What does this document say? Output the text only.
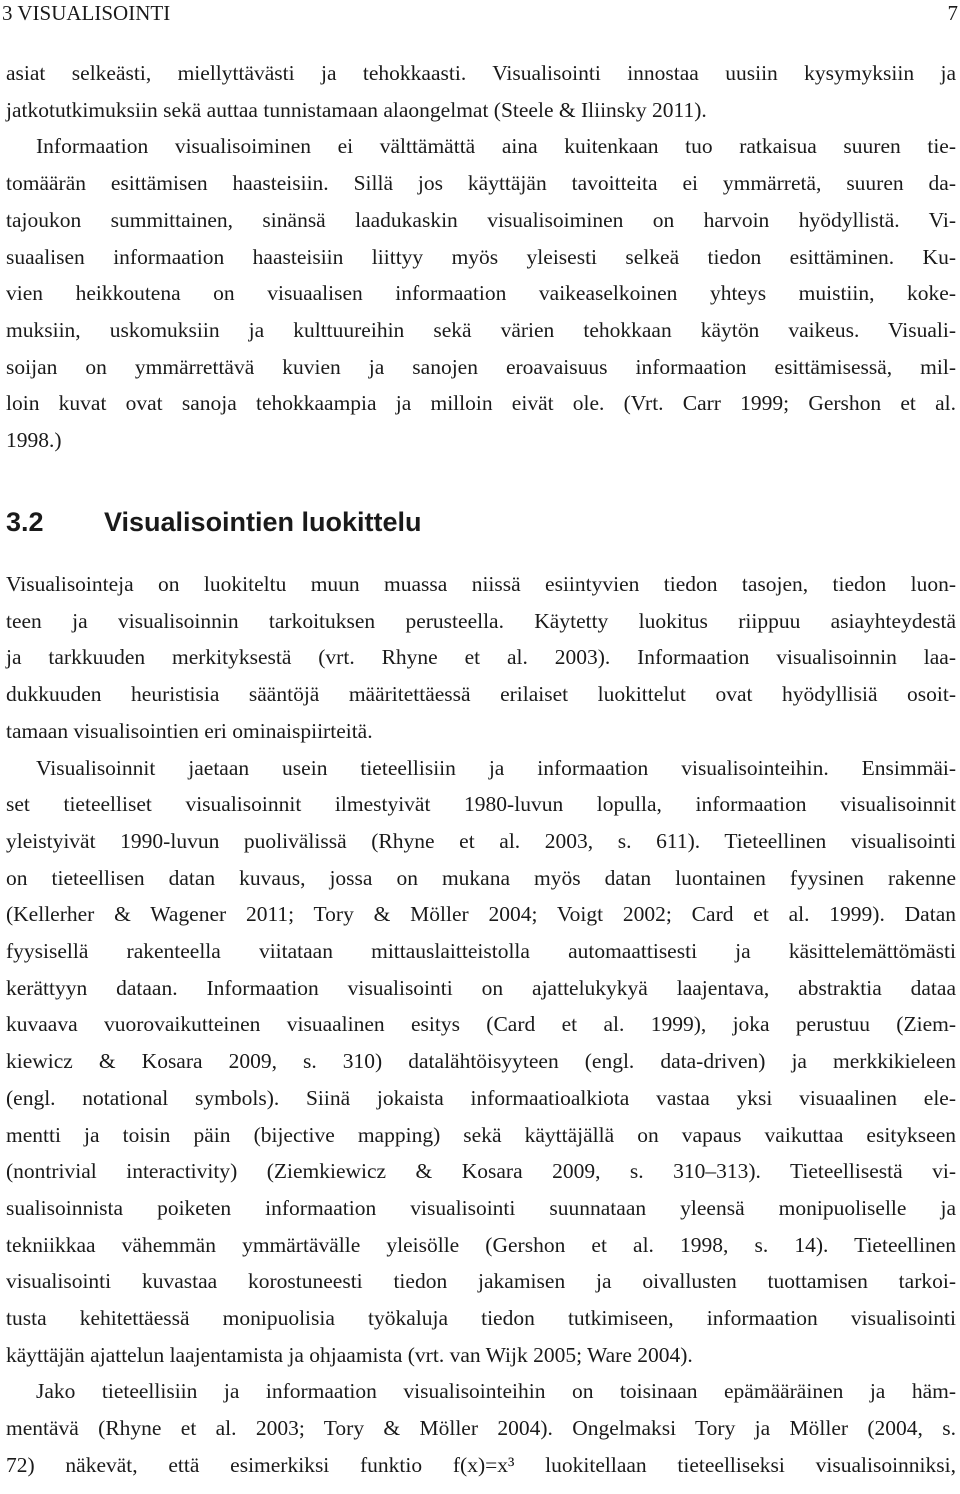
3 VISUALISOINTI	7

asiat selkeästi, miellyttävästi ja tehokkaasti. Visualisointi innostaa uusiin kysymyksiin ja
jatkotutkimuksiin sekä auttaa tunnistamaan alaongelmat (Steele & Iliinsky 2011).
Informaation visualisoiminen ei välttämättä aina kuitenkaan tuo ratkaisua suuren tie-
tomäärän esittämisen haasteisiin. Sillä jos käyttäjän tavoitteita ei ymmärretä, suuren da-
tajoukon summittainen, sinänsä laadukaskin visualisoiminen on harvoin hyödyllistä. Vi-
suaalisen informaation haasteisiin liittyy myös yleisesti selkeä tiedon esittäminen. Ku-
vien heikkoutena on visuaalisen informaation vaikeaselkoinen yhteys muistiin, koke-
muksiin, uskomuksiin ja kulttuureihin sekä värien tehokkaan käytön vaikeus. Visuali-
soijan on ymmärrettävä kuvien ja sanojen eroavaisuus informaation esittämisessä, mil-
loin kuvat ovat sanoja tehokkaampia ja milloin eivät ole. (Vrt. Carr 1999; Gershon et al.
1998.)

3.2 Visualisointien luokittelu

Visualisointeja on luokiteltu muun muassa niissä esiintyvien tiedon tasojen, tiedon luon-
teen ja visualisoinnin tarkoituksen perusteella. Käytetty luokitus riippuu asiayhteydestä
ja tarkkuuden merkityksestä (vrt. Rhyne et al. 2003). Informaation visualisoinnin laa-
dukkuuden heuristisia sääntöjä määritettäessä erilaiset luokittelut ovat hyödyllisiä osoit-
tamaan visualisointien eri ominaispiirteitä.

Visualisoinnit jaetaan usein tieteellisiin ja informaation visualisointeihin. Ensimmäi-
set tieteelliset visualisoinnit ilmestyivät 1980-luvun lopulla, informaation visualisoinnit
yleistyivät 1990-luvun puolivälissä (Rhyne et al. 2003, s. 611). Tieteellinen visualisointi
on tieteellisen datan kuvaus, jossa on mukana myös datan luontainen fyysinen rakenne
(Kellerher & Wagener 2011; Tory & Möller 2004; Voigt 2002; Card et al. 1999). Datan
fyysisellä rakenteella viitataan mittauslaitteistolla automaattisesti ja käsittelemättömästi
kerättyyn dataan. Informaation visualisointi on ajattelukykyä laajentava, abstraktia dataa
kuvaava vuorovaikutteinen visuaalinen esitys (Card et al. 1999), joka perustuu (Ziem-
kiewicz & Kosara 2009, s. 310) datalähtöisyyteen (engl. data-driven) ja merkkikieleen
(engl. notational symbols). Siinä jokaista informaatioalkiota vastaa yksi visuaalinen ele-
mentti ja toisin päin (bijective mapping) sekä käyttäjällä on vapaus vaikuttaa esitykseen
(nontrivial interactivity) (Ziemkiewicz & Kosara 2009, s. 310–313). Tieteellisestä vi-
sualisoinnista poiketen informaation visualisointi suunnataan yleensä monipuoliselle ja
tekniikkaa vähemmän ymmärtävälle yleisölle (Gershon et al. 1998, s. 14). Tieteellinen
visualisointi kuvastaa korostuneesti tiedon jakamisen ja oivallusten tuottamisen tarkoi-
tusta kehitettäessä monipuolisia työkaluja tiedon tutkimiseen, informaation visualisointi
käyttäjän ajattelun laajentamista ja ohjaamista (vrt. van Wijk 2005; Ware 2004).

Jako tieteellisiin ja informaation visualisointeihin on toisinaan epämääräinen ja häm-
mentävä (Rhyne et al. 2003; Tory & Möller 2004). Ongelmaksi Tory ja Möller (2004, s.
72) näkevät, että esimerkiksi funktio f(x)=x³ luokitellaan tieteelliseksi visualisoinniksi,
